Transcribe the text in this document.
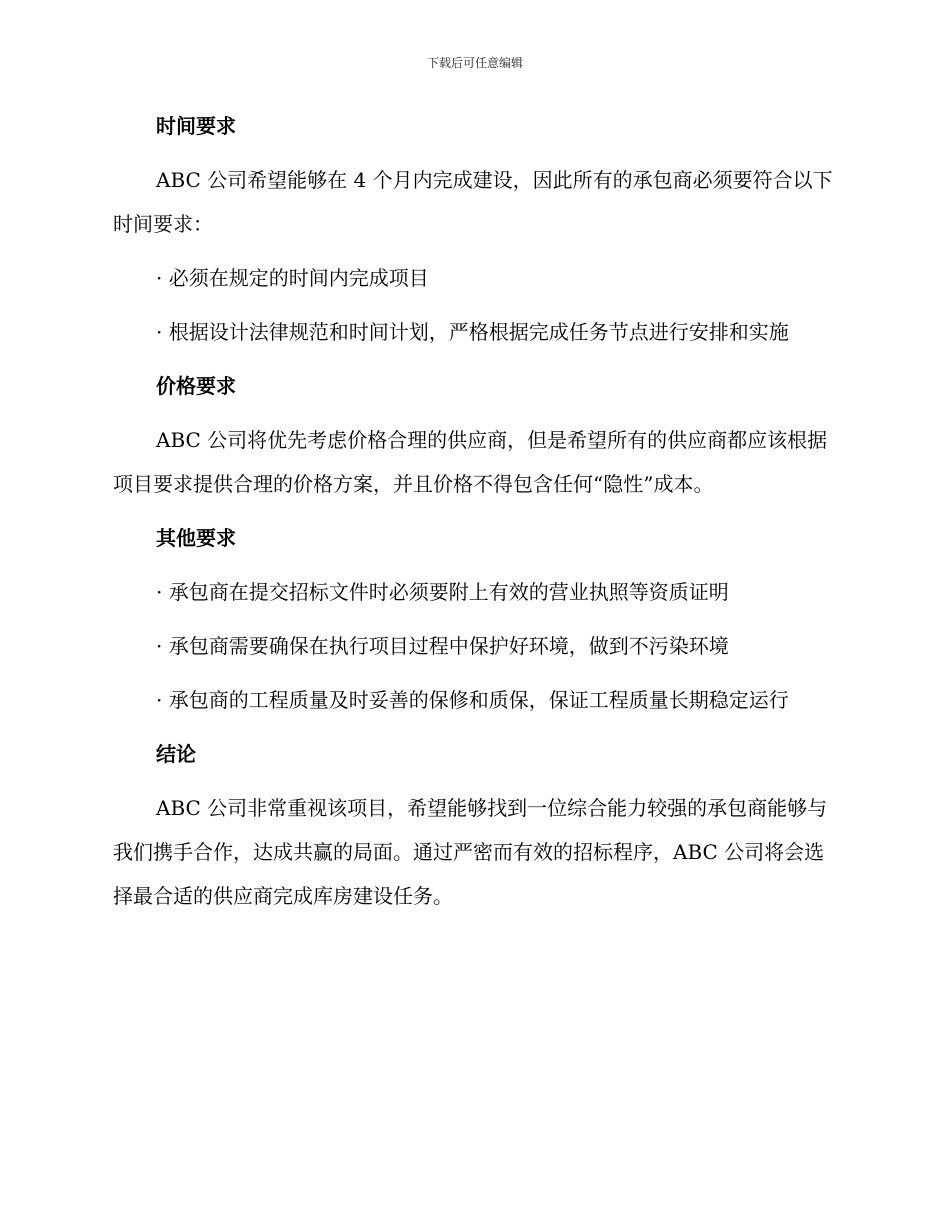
下载后可任意编辑
时间要求
ABC 公司希望能够在 4 个月内完成建设，因此所有的承包商必须要符合以下时间要求：
· 必须在规定的时间内完成项目
· 根据设计法律规范和时间计划，严格根据完成任务节点进行安排和实施
价格要求
ABC 公司将优先考虑价格合理的供应商，但是希望所有的供应商都应该根据项目要求提供合理的价格方案，并且价格不得包含任何“隐性”成本。
其他要求
· 承包商在提交招标文件时必须要附上有效的营业执照等资质证明
· 承包商需要确保在执行项目过程中保护好环境，做到不污染环境
· 承包商的工程质量及时妥善的保修和质保，保证工程质量长期稳定运行
结论
ABC 公司非常重视该项目，希望能够找到一位综合能力较强的承包商能够与我们携手合作，达成共赢的局面。通过严密而有效的招标程序，ABC 公司将会选择最合适的供应商完成库房建设任务。
